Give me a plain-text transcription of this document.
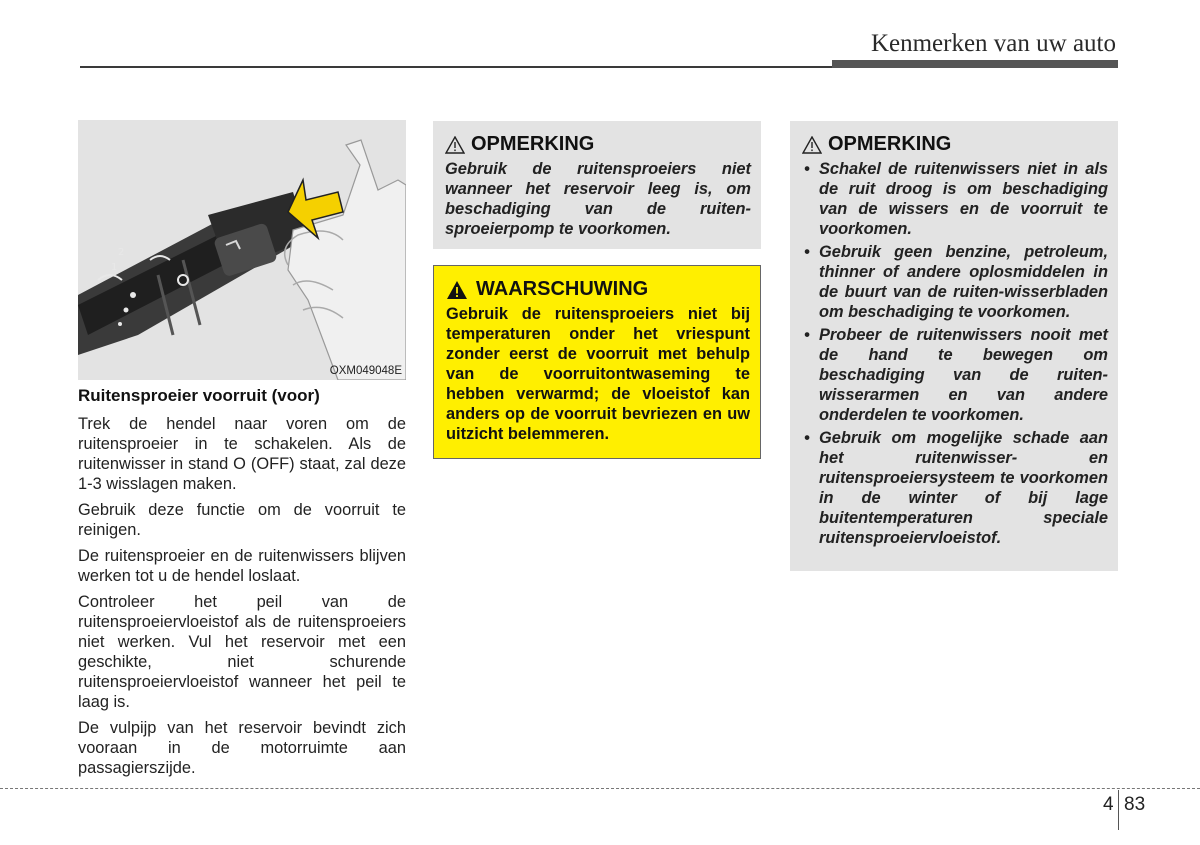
Kenmerken van uw auto
2
1
OXM049048E
Ruitensproeier voorruit (voor)

Trek de hendel naar voren om de ruitensproeier in te schakelen. Als de ruitenwisser in stand O (OFF) staat, zal deze 1-3 wisslagen maken.

Gebruik deze functie om de voorruit te reinigen.

De ruitensproeier en de ruitenwissers blijven werken tot u de hendel loslaat.

Controleer het peil van de ruitensproeiervloeistof als de ruitensproeiers niet werken. Vul het reservoir met een geschikte, niet schurende ruitensproeiervloeistof wanneer het peil te laag is.

De vulpijp van het reservoir bevindt zich vooraan in de motorruimte aan passagierszijde.

OPMERKING
Gebruik de ruitensproeiers niet wanneer het reservoir leeg is, om beschadiging van de ruiten-sproeierpomp te voorkomen.
WAARSCHUWING
Gebruik de ruitensproeiers niet bij temperaturen onder het vriespunt zonder eerst de voorruit met behulp van de voorruitontwaseming te hebben verwarmd; de vloeistof kan anders op de voorruit bevriezen en uw uitzicht belemmeren.
OPMERKING
• Schakel de ruitenwissers niet in als de ruit droog is om beschadiging van de wissers en de voorruit te voorkomen.
• Gebruik geen benzine, petroleum, thinner of andere oplosmiddelen in de buurt van de ruiten-wisserbladen om beschadiging te voorkomen.
• Probeer de ruitenwissers nooit met de hand te bewegen om beschadiging van de ruiten-wisserarmen en van andere onderdelen te voorkomen.
• Gebruik om mogelijke schade aan het ruitenwisser- en ruitensproeiersysteem te voorkomen in de winter of bij lage buitentemperaturen speciale ruitensproeiervloeistof.
4 83
